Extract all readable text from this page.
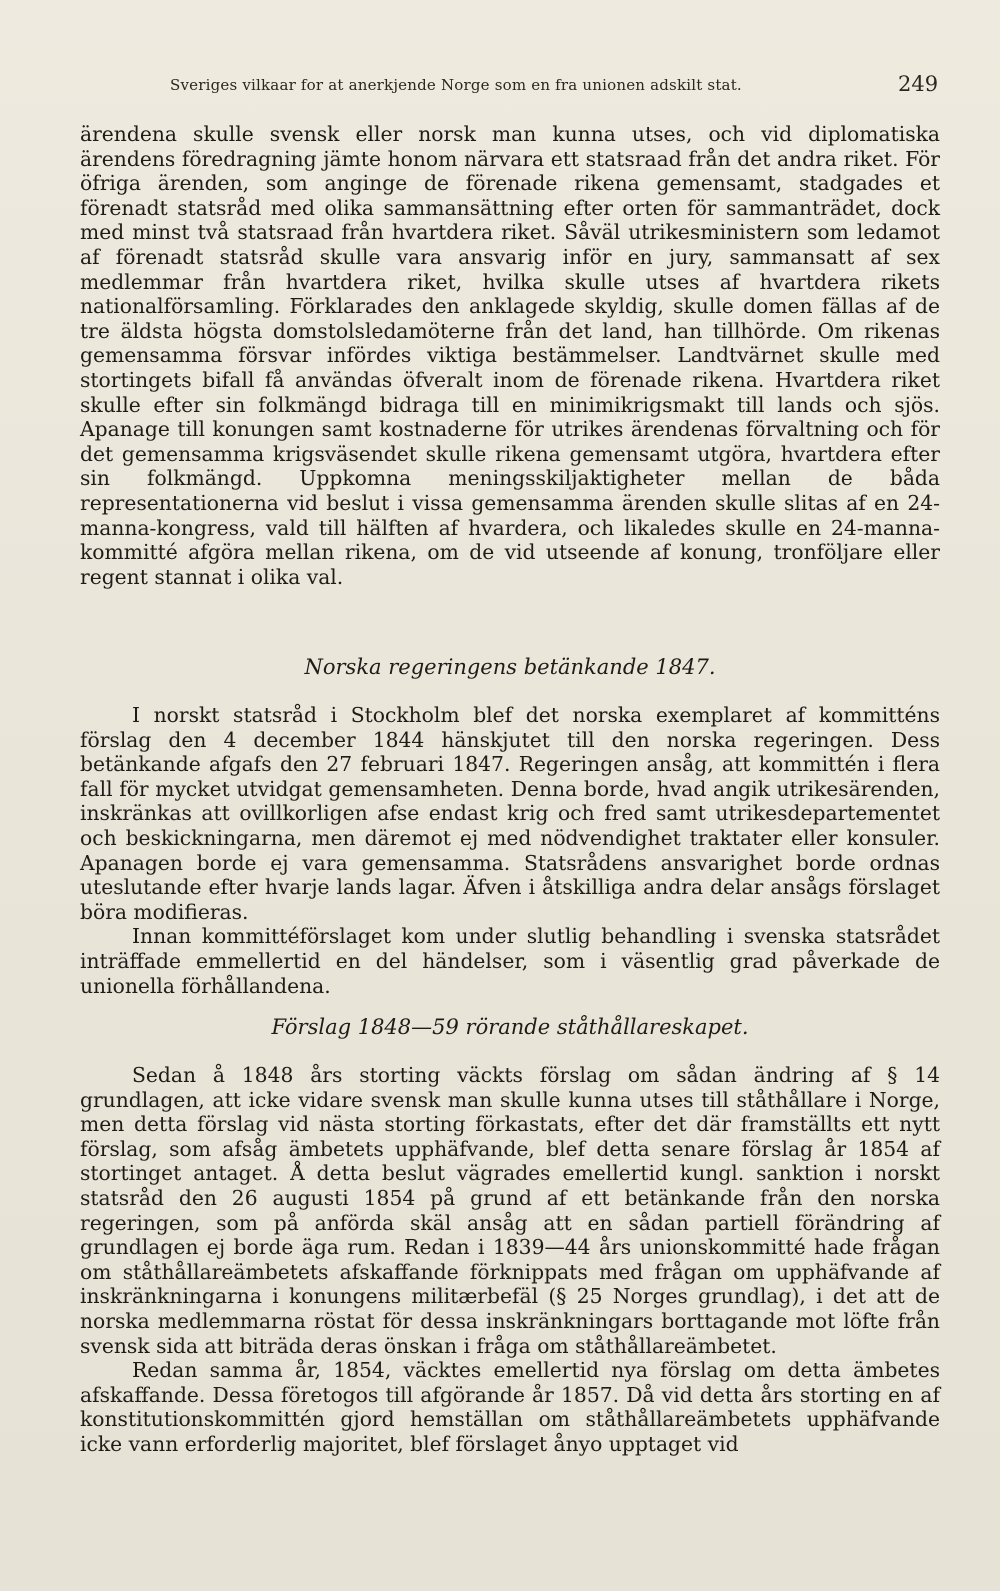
Sveriges vilkaar for at anerkjende Norge som en fra unionen adskilt stat.	249

ärendena skulle svensk eller norsk man kunna utses, och vid diplomatiska ärendens föredragning jämte honom närvara ett statsraad från det andra riket. För öfriga ärenden, som anginge de förenade rikena gemensamt, stadgades et förenadt statsråd med olika sammansättning efter orten för sammanträdet, dock med minst två statsraad från hvartdera riket. Såväl utrikesministern som ledamot af förenadt statsråd skulle vara ansvarig inför en jury, sammansatt af sex medlemmar från hvartdera riket, hvilka skulle utses af hvartdera rikets nationalförsamling. Förklarades den anklagede skyldig, skulle domen fällas af de tre äldsta högsta domstolsledamöterne från det land, han tillhörde. Om rikenas gemensamma försvar infördes viktiga bestämmelser. Landtvärnet skulle med stortingets bifall få användas öfveralt inom de förenade rikena. Hvartdera riket skulle efter sin folkmängd bidraga till en minimikrigsmakt till lands och sjös. Apanage till konungen samt kostnaderne för utrikes ärendenas förvaltning och för det gemensamma krigsväsendet skulle rikena gemensamt utgöra, hvartdera efter sin folkmängd. Uppkomna meningsskiljaktigheter mellan de båda representationerna vid beslut i vissa gemensamma ärenden skulle slitas af en 24-manna-kongress, vald till hälften af hvardera, och likaledes skulle en 24-manna-kommitté afgöra mellan rikena, om de vid utseende af konung, tronföljare eller regent stannat i olika val.

Norska regeringens betänkande 1847.

I norskt statsråd i Stockholm blef det norska exemplaret af kommitténs förslag den 4 december 1844 hänskjutet till den norska regeringen. Dess betänkande afgafs den 27 februari 1847. Regeringen ansåg, att kommittén i flera fall för mycket utvidgat gemensamheten. Denna borde, hvad angik utrikesärenden, inskränkas att ovillkorligen afse endast krig och fred samt utrikesdepartementet och beskickningarna, men däremot ej med nödvendighet traktater eller konsuler. Apanagen borde ej vara gemensamma. Statsrådens ansvarighet borde ordnas uteslutande efter hvarje lands lagar. Äfven i åtskilliga andra delar ansågs förslaget böra modifieras.

Innan kommittéförslaget kom under slutlig behandling i svenska statsrådet inträffade emmellertid en del händelser, som i väsentlig grad påverkade de unionella förhållandena.

Förslag 1848—59 rörande ståthållareskapet.

Sedan å 1848 års storting väckts förslag om sådan ändring af § 14 grundlagen, att icke vidare svensk man skulle kunna utses till ståthållare i Norge, men detta förslag vid nästa storting förkastats, efter det där framställts ett nytt förslag, som afsåg ämbetets upphäfvande, blef detta senare förslag år 1854 af stortinget antaget. Å detta beslut vägrades emellertid kungl. sanktion i norskt statsråd den 26 augusti 1854 på grund af ett betänkande från den norska regeringen, som på anförda skäl ansåg att en sådan partiell förändring af grundlagen ej borde äga rum. Redan i 1839—44 års unionskommitté hade frågan om ståthållareämbetets afskaffande förknippats med frågan om upphäfvande af inskränkningarna i konungens militærbefäl (§ 25 Norges grundlag), i det att de norska medlemmarna röstat för dessa inskränkningars borttagande mot löfte från svensk sida att biträda deras önskan i fråga om ståthållareämbetet.

Redan samma år, 1854, väcktes emellertid nya förslag om detta ämbetes afskaffande. Dessa företogos till afgörande år 1857. Då vid detta års storting en af konstitutionskommittén gjord hemställan om ståthållareämbetets upphäfvande icke vann erforderlig majoritet, blef förslaget ånyo upptaget vid
